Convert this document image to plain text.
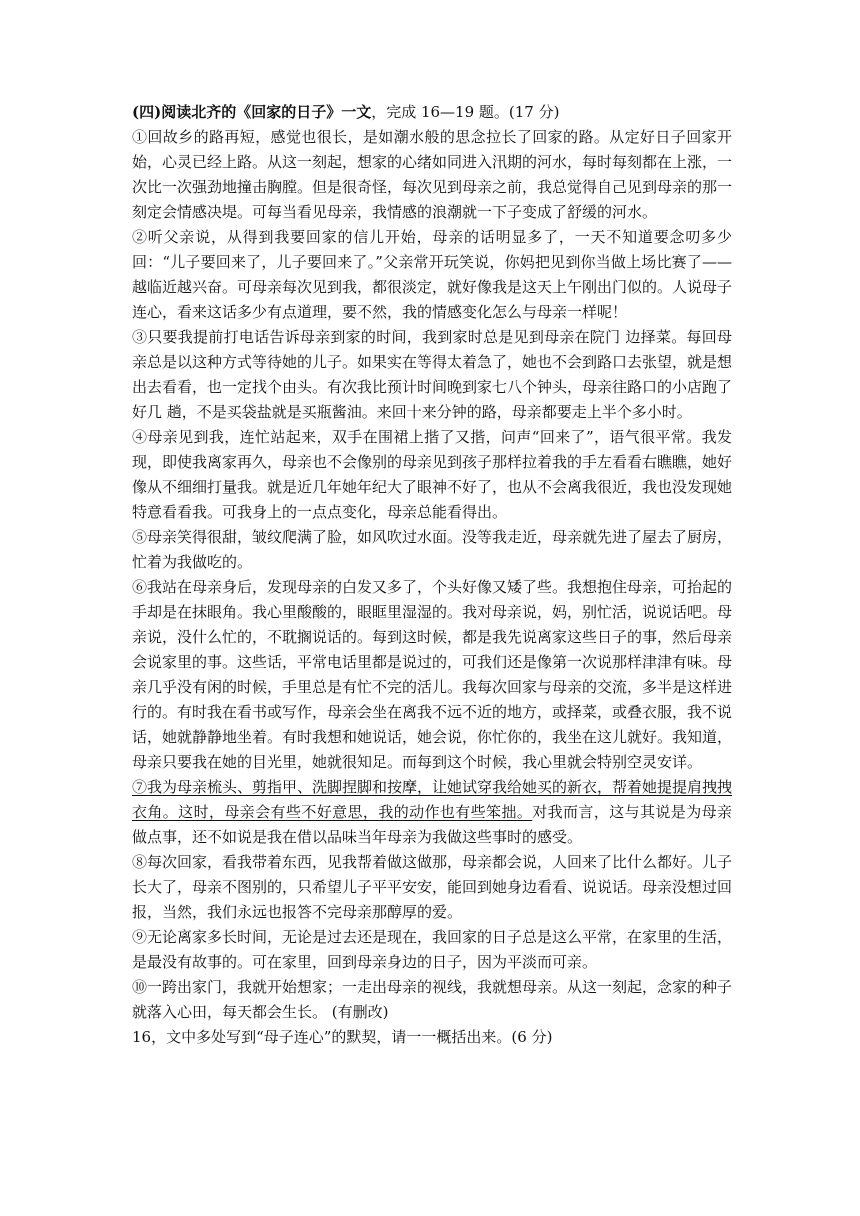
(四)阅读北齐的《回家的日子》一文，完成 16—19 题。(17 分)

①回故乡的路再短，感觉也很长，是如潮水般的思念拉长了回家的路。从定好日子回家开始，心灵已经上路。从这一刻起，想家的心绪如同进入汛期的河水，每时每刻都在上涨，一次比一次强劲地撞击胸膛。但是很奇怪，每次见到母亲之前，我总觉得自己见到母亲的那一刻定会情感决堤。可每当看见母亲，我情感的浪潮就一下子变成了舒缓的河水。

②听父亲说，从得到我要回家的信儿开始，母亲的话明显多了，一天不知道要念叨多少回：“儿子要回来了，儿子要回来了。”父亲常开玩笑说，你妈把见到你当做上场比赛了——越临近越兴奋。可母亲每次见到我，都很淡定，就好像我是这天上午刚出门似的。人说母子连心，看来这话多少有点道理，要不然，我的情感变化怎么与母亲一样呢！

③只要我提前打电话告诉母亲到家的时间，我到家时总是见到母亲在院门 边择菜。每回母亲总是以这种方式等待她的儿子。如果实在等得太着急了，她也不会到路口去张望，就是想出去看看，也一定找个由头。有次我比预计时间晚到家七八个钟头，母亲往路口的小店跑了好几 趟，不是买袋盐就是买瓶酱油。来回十来分钟的路，母亲都要走上半个多小时。

④母亲见到我，连忙站起来，双手在围裙上揩了又揩，问声“回来了”，语气很平常。我发现，即使我离家再久，母亲也不会像别的母亲见到孩子那样拉着我的手左看看右瞧瞧，她好像从不细细打量我。就是近几年她年纪大了眼神不好了，也从不会离我很近，我也没发现她特意看看我。可我身上的一点点变化，母亲总能看得出。

⑤母亲笑得很甜，皱纹爬满了脸，如风吹过水面。没等我走近，母亲就先进了屋去了厨房，忙着为我做吃的。

⑥我站在母亲身后，发现母亲的白发又多了，个头好像又矮了些。我想抱住母亲，可抬起的手却是在抹眼角。我心里酸酸的，眼眶里湿湿的。我对母亲说，妈，别忙活，说说话吧。母亲说，没什么忙的，不耽搁说话的。每到这时候，都是我先说离家这些日子的事，然后母亲会说家里的事。这些话，平常电话里都是说过的，可我们还是像第一次说那样津津有味。母亲几乎没有闲的时候，手里总是有忙不完的活儿。我每次回家与母亲的交流，多半是这样进行的。有时我在看书或写作，母亲会坐在离我不远不近的地方，或择菜，或叠衣服，我不说话，她就静静地坐着。有时我想和她说话，她会说，你忙你的，我坐在这儿就好。我知道，母亲只要我在她的目光里，她就很知足。而每到这个时候，我心里就会特别空灵安详。

⑦我为母亲梳头、剪指甲、洗脚捏脚和按摩，让她试穿我给她买的新衣，帮着她提提肩拽拽衣角。这时，母亲会有些不好意思，我的动作也有些笨拙。对我而言，这与其说是为母亲做点事，还不如说是我在借以品味当年母亲为我做这些事时的感受。

⑧每次回家，看我带着东西，见我帮着做这做那，母亲都会说，人回来了比什么都好。儿子长大了，母亲不图别的，只希望儿子平平安安，能回到她身边看看、说说话。母亲没想过回报，当然，我们永远也报答不完母亲那醇厚的爱。

⑨无论离家多长时间，无论是过去还是现在，我回家的日子总是这么平常，在家里的生活，是最没有故事的。可在家里，回到母亲身边的日子，因为平淡而可亲。

⑩一跨出家门，我就开始想家；一走出母亲的视线，我就想母亲。从这一刻起，念家的种子就落入心田，每天都会生长。 (有删改)

16，文中多处写到“母子连心”的默契，请一一概括出来。(6 分)
